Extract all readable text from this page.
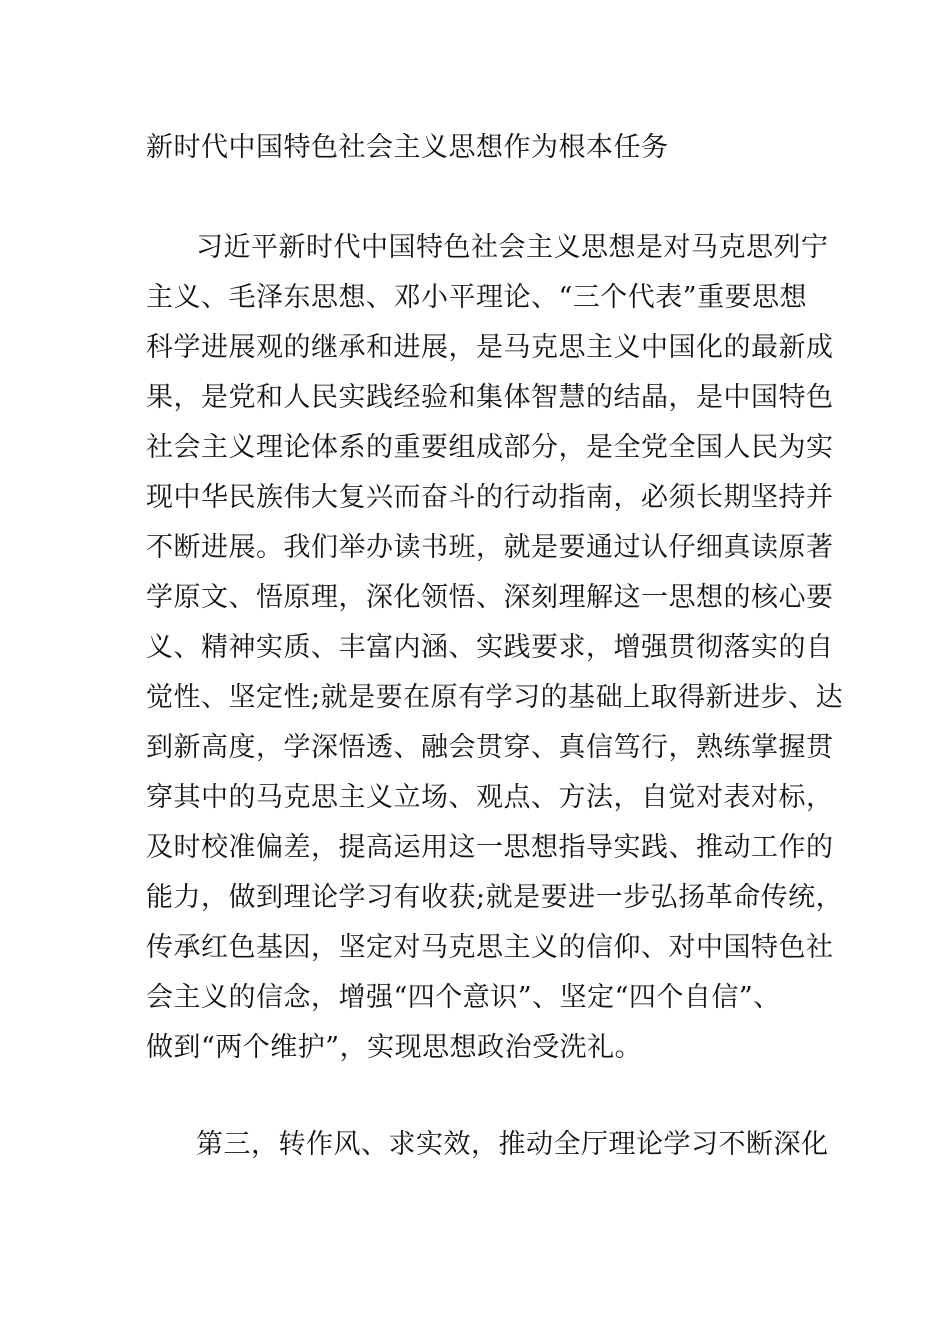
新时代中国特色社会主义思想作为根本任务
习近平新时代中国特色社会主义思想是对马克思列宁
主义、毛泽东思想、邓小平理论、“三个代表”重要思想
科学进展观的继承和进展，是马克思主义中国化的最新成
果，是党和人民实践经验和集体智慧的结晶，是中国特色
社会主义理论体系的重要组成部分，是全党全国人民为实
现中华民族伟大复兴而奋斗的行动指南，必须长期坚持并
不断进展。我们举办读书班，就是要通过认仔细真读原著
学原文、悟原理，深化领悟、深刻理解这一思想的核心要
义、精神实质、丰富内涵、实践要求，增强贯彻落实的自
觉性、坚定性;就是要在原有学习的基础上取得新进步、达
到新高度，学深悟透、融会贯穿、真信笃行，熟练掌握贯
穿其中的马克思主义立场、观点、方法，自觉对表对标，
及时校准偏差，提高运用这一思想指导实践、推动工作的
能力，做到理论学习有收获;就是要进一步弘扬革命传统，
传承红色基因，坚定对马克思主义的信仰、对中国特色社
会主义的信念，增强“四个意识”、坚定“四个自信”、
做到“两个维护”，实现思想政治受洗礼。
第三，转作风、求实效，推动全厅理论学习不断深化
